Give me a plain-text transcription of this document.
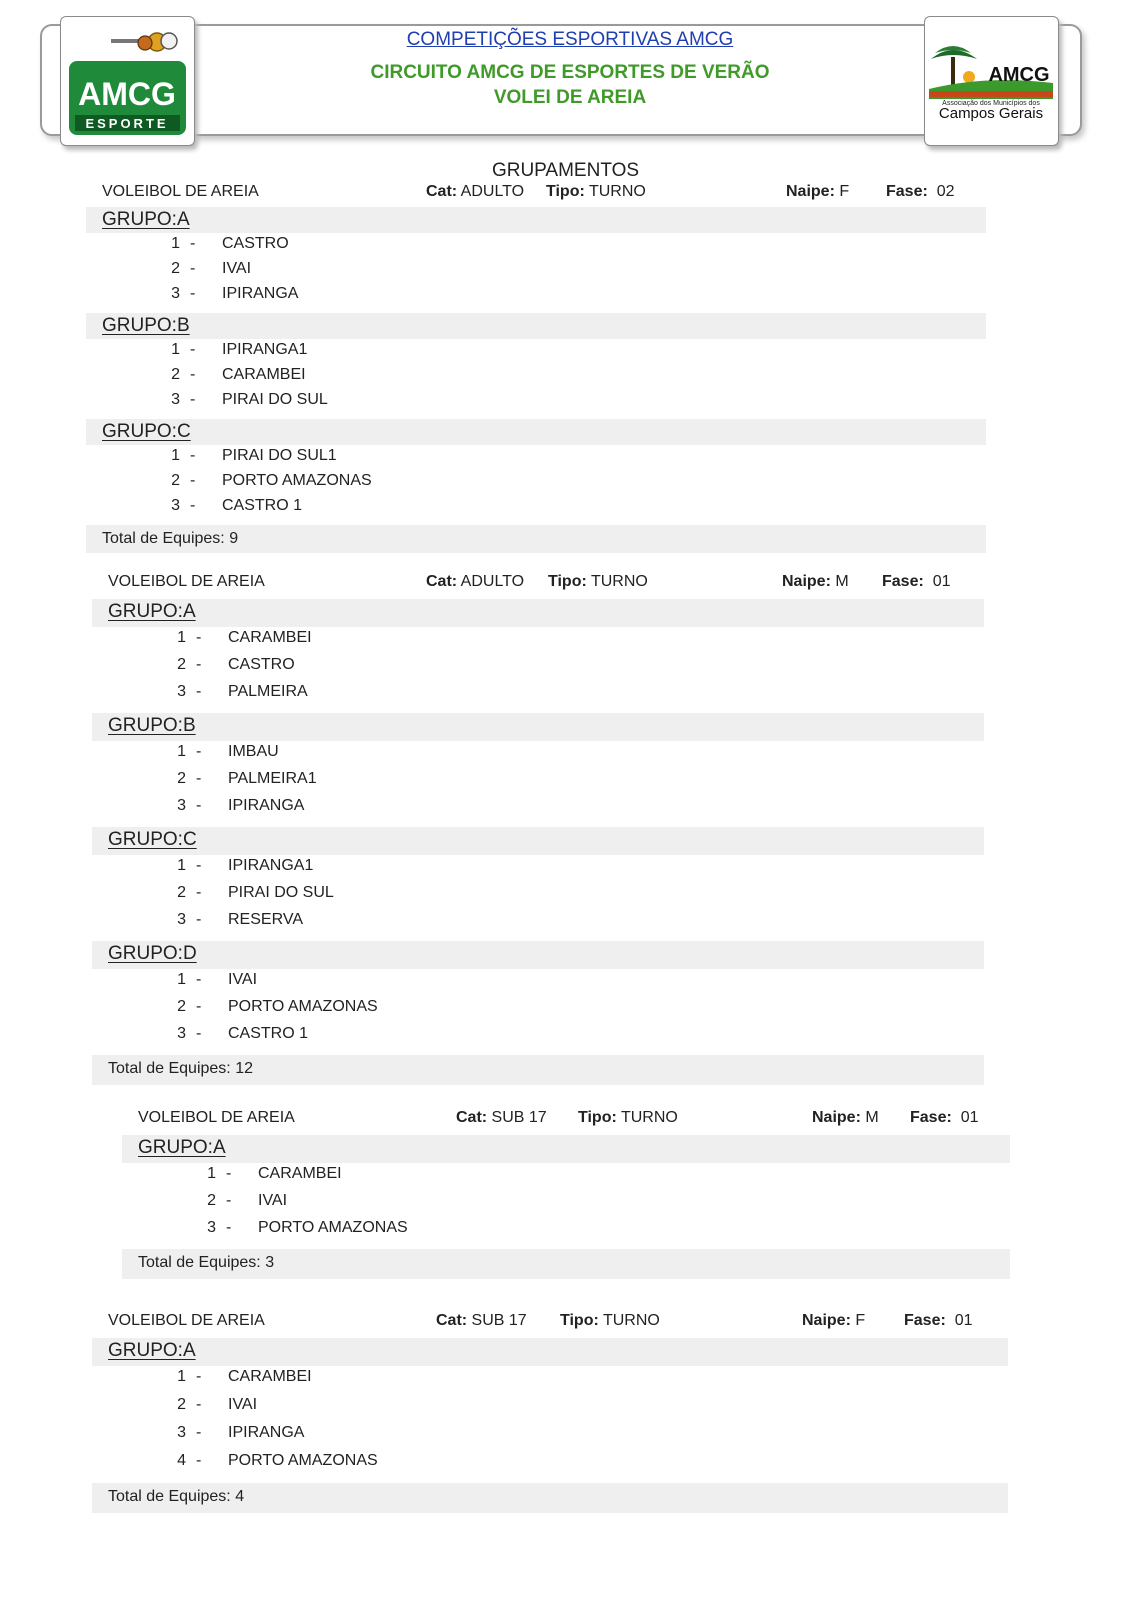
AMCG
ESPORTE
COMPETIÇÕES ESPORTIVAS AMCG
CIRCUITO AMCG DE ESPORTES DE VERÃO
VOLEI DE AREIA
AMCG
Associação dos Municípios dos
Campos Gerais
GRUPAMENTOS
VOLEIBOL DE AREIA	Cat: ADULTO Tipo: TURNO	Naipe: F Fase:  02
GRUPO:A
1 - CASTRO
2 - IVAI
3 - IPIRANGA
GRUPO:B
1 - IPIRANGA1
2 - CARAMBEI
3 - PIRAI DO SUL
GRUPO:C
1 - PIRAI DO SUL1
2 - PORTO AMAZONAS
3 - CASTRO 1
Total de Equipes: 9
VOLEIBOL DE AREIA	Cat: ADULTO Tipo: TURNO	Naipe: M Fase:  01
GRUPO:A
1 - CARAMBEI
2 - CASTRO
3 - PALMEIRA
GRUPO:B
1 - IMBAU
2 - PALMEIRA1
3 - IPIRANGA
GRUPO:C
1 - IPIRANGA1
2 - PIRAI DO SUL
3 - RESERVA
GRUPO:D
1 - IVAI
2 - PORTO AMAZONAS
3 - CASTRO 1
Total de Equipes: 12
VOLEIBOL DE AREIA	Cat: SUB 17 Tipo: TURNO	Naipe: M Fase:  01
GRUPO:A
1 - CARAMBEI
2 - IVAI
3 - PORTO AMAZONAS
Total de Equipes: 3
VOLEIBOL DE AREIA	Cat: SUB 17 Tipo: TURNO	Naipe: F Fase:  01
GRUPO:A
1 - CARAMBEI
2 - IVAI
3 - IPIRANGA
4 - PORTO AMAZONAS
Total de Equipes: 4
